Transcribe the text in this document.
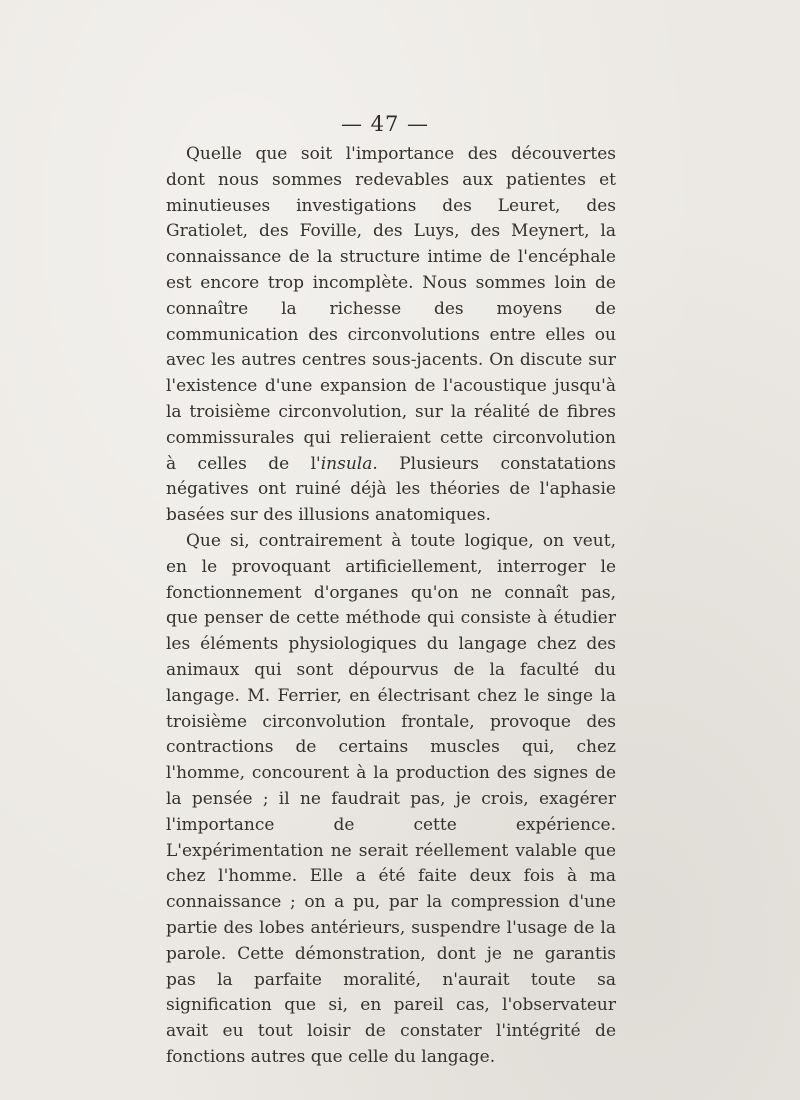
— 47 —

Quelle que soit l'importance des découvertes dont nous sommes redevables aux patientes et minutieuses investigations des Leuret, des Gratiolet, des Foville, des Luys, des Meynert, la connaissance de la structure intime de l'encéphale est encore trop incomplète. Nous sommes loin de connaître la richesse des moyens de communication des circonvolutions entre elles ou avec les autres centres sous-jacents. On discute sur l'existence d'une expansion de l'acoustique jusqu'à la troisième circonvolution, sur la réalité de fibres commissurales qui relieraient cette circonvolution à celles de l'insula. Plusieurs constatations négatives ont ruiné déjà les théories de l'aphasie basées sur des illusions anatomiques.

Que si, contrairement à toute logique, on veut, en le provoquant artificiellement, interroger le fonctionnement d'organes qu'on ne connaît pas, que penser de cette méthode qui consiste à étudier les éléments physiologiques du langage chez des animaux qui sont dépourvus de la faculté du langage. M. Ferrier, en électrisant chez le singe la troisième circonvolution frontale, provoque des contractions de certains muscles qui, chez l'homme, concourent à la production des signes de la pensée ; il ne faudrait pas, je crois, exagérer l'importance de cette expérience. L'expérimentation ne serait réellement valable que chez l'homme. Elle a été faite deux fois à ma connaissance ; on a pu, par la compression d'une partie des lobes antérieurs, suspendre l'usage de la parole. Cette démonstration, dont je ne garantis pas la parfaite moralité, n'aurait toute sa signification que si, en pareil cas, l'observateur avait eu tout loisir de constater l'intégrité de fonctions autres que celle du langage.
